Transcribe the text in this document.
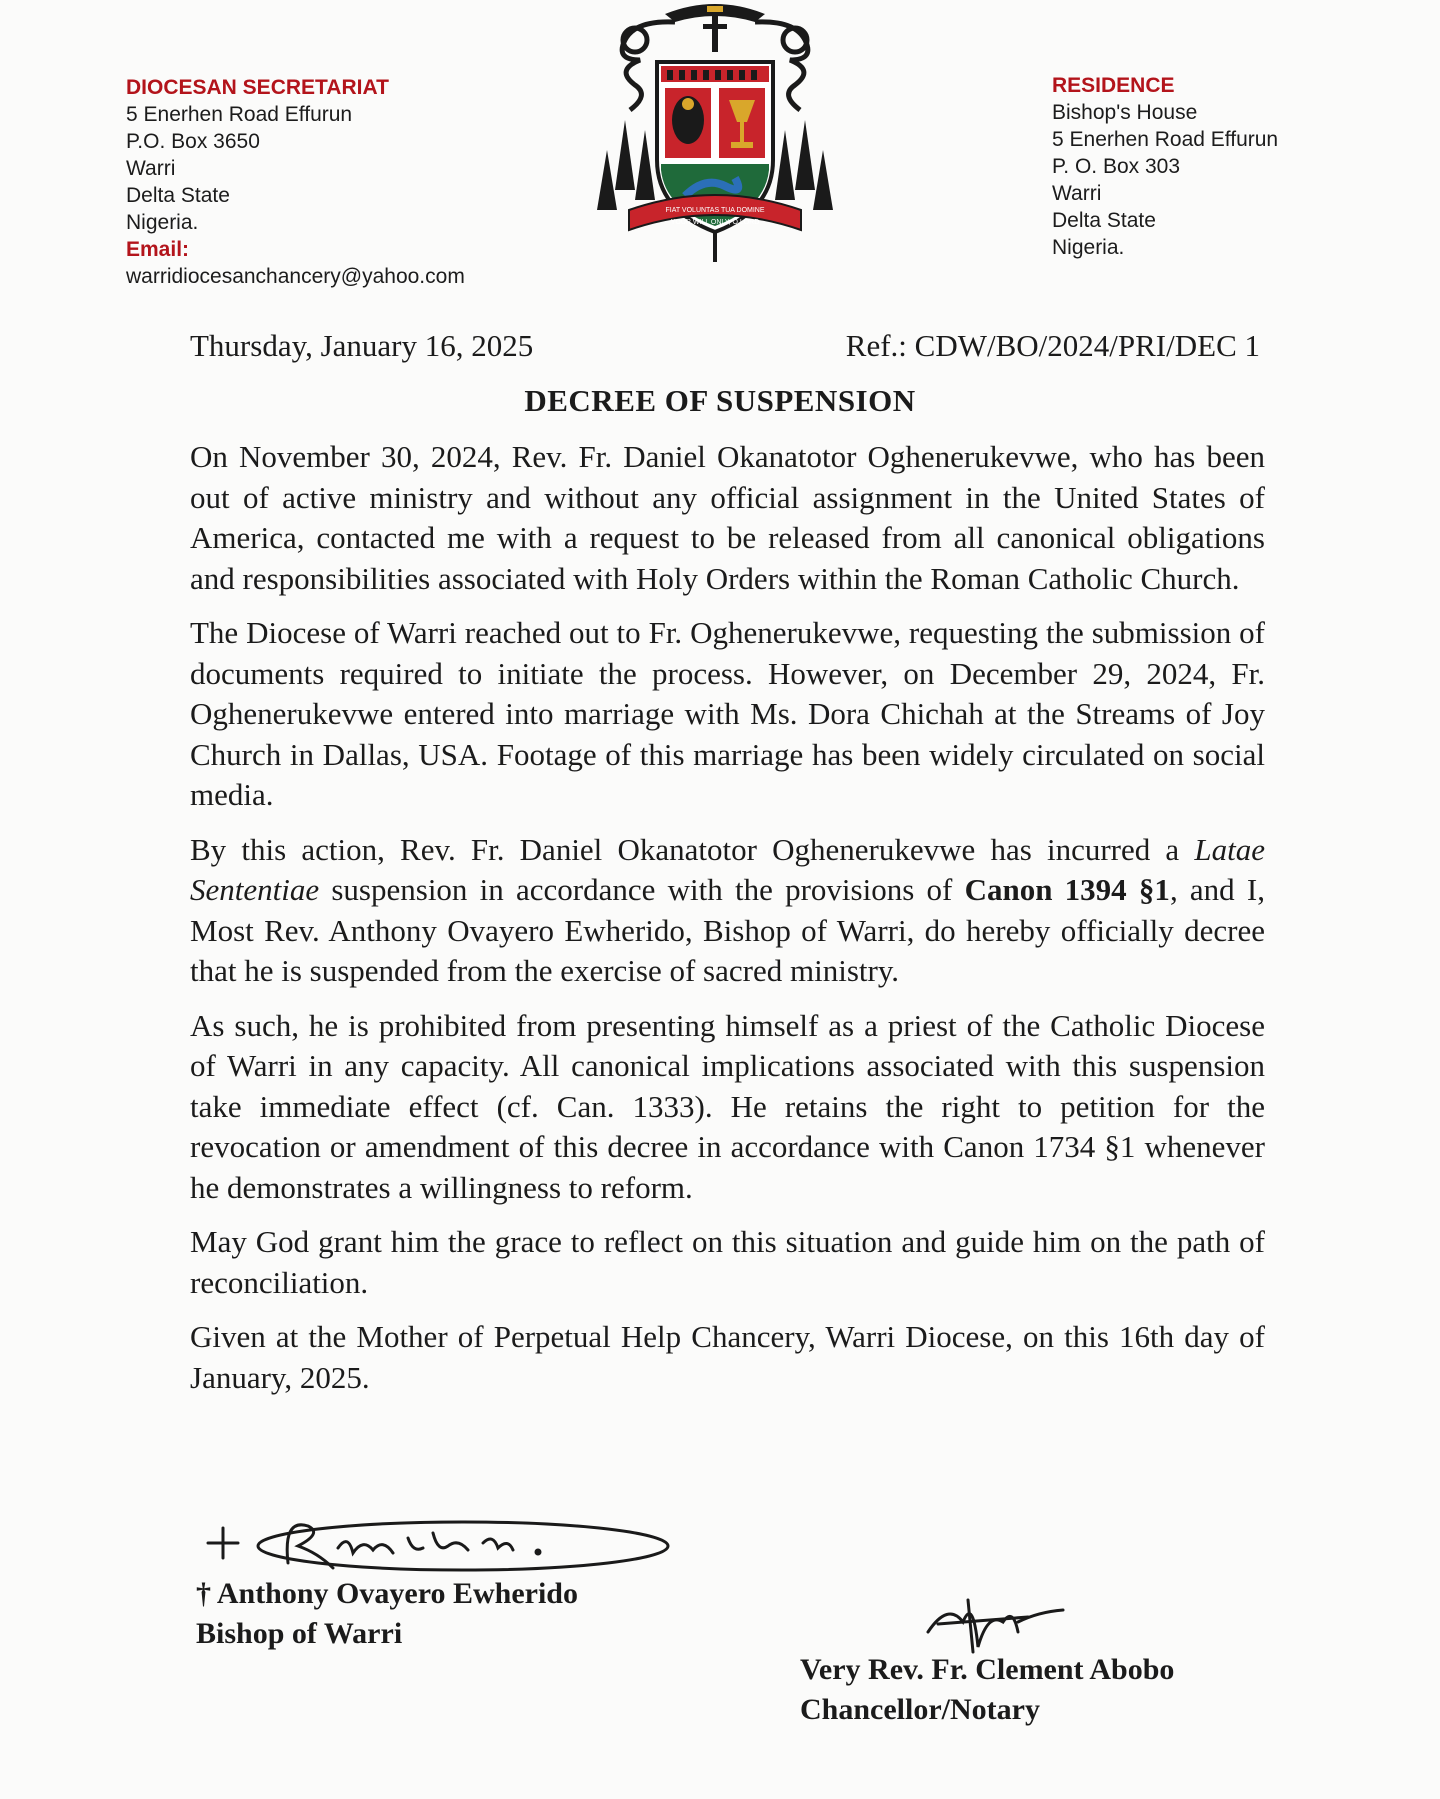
DIOCESAN SECRETARIAT
5 Enerhen Road Effurun
P.O. Box 3650
Warri
Delta State
Nigeria.
Email:
warridiocesanchancery@yahoo.com
FIAT VOLUNTAS TUA DOMINE
YOUR WILL ONLY, O LORD
RESIDENCE
Bishop's House
5 Enerhen Road Effurun
P. O. Box 303
Warri
Delta State
Nigeria.
Thursday, January 16, 2025	Ref.: CDW/BO/2024/PRI/DEC 1
DECREE OF SUSPENSION

On November 30, 2024, Rev. Fr. Daniel Okanatotor Oghenerukevwe, who has been out of active ministry and without any official assignment in the United States of America, contacted me with a request to be released from all canonical obligations and responsibilities associated with Holy Orders within the Roman Catholic Church.

The Diocese of Warri reached out to Fr. Oghenerukevwe, requesting the submission of documents required to initiate the process. However, on December 29, 2024, Fr. Oghenerukevwe entered into marriage with Ms. Dora Chichah at the Streams of Joy Church in Dallas, USA. Footage of this marriage has been widely circulated on social media.

By this action, Rev. Fr. Daniel Okanatotor Oghenerukevwe has incurred a Latae Sententiae suspension in accordance with the provisions of Canon 1394 §1, and I, Most Rev. Anthony Ovayero Ewherido, Bishop of Warri, do hereby officially decree that he is suspended from the exercise of sacred ministry.

As such, he is prohibited from presenting himself as a priest of the Catholic Diocese of Warri in any capacity. All canonical implications associated with this suspension take immediate effect (cf. Can. 1333). He retains the right to petition for the revocation or amendment of this decree in accordance with Canon 1734 §1 whenever he demonstrates a willingness to reform.

May God grant him the grace to reflect on this situation and guide him on the path of reconciliation.

Given at the Mother of Perpetual Help Chancery, Warri Diocese, on this 16th day of January, 2025.

† Anthony Ovayero Ewherido
Bishop of Warri
Very Rev. Fr. Clement Abobo
Chancellor/Notary
